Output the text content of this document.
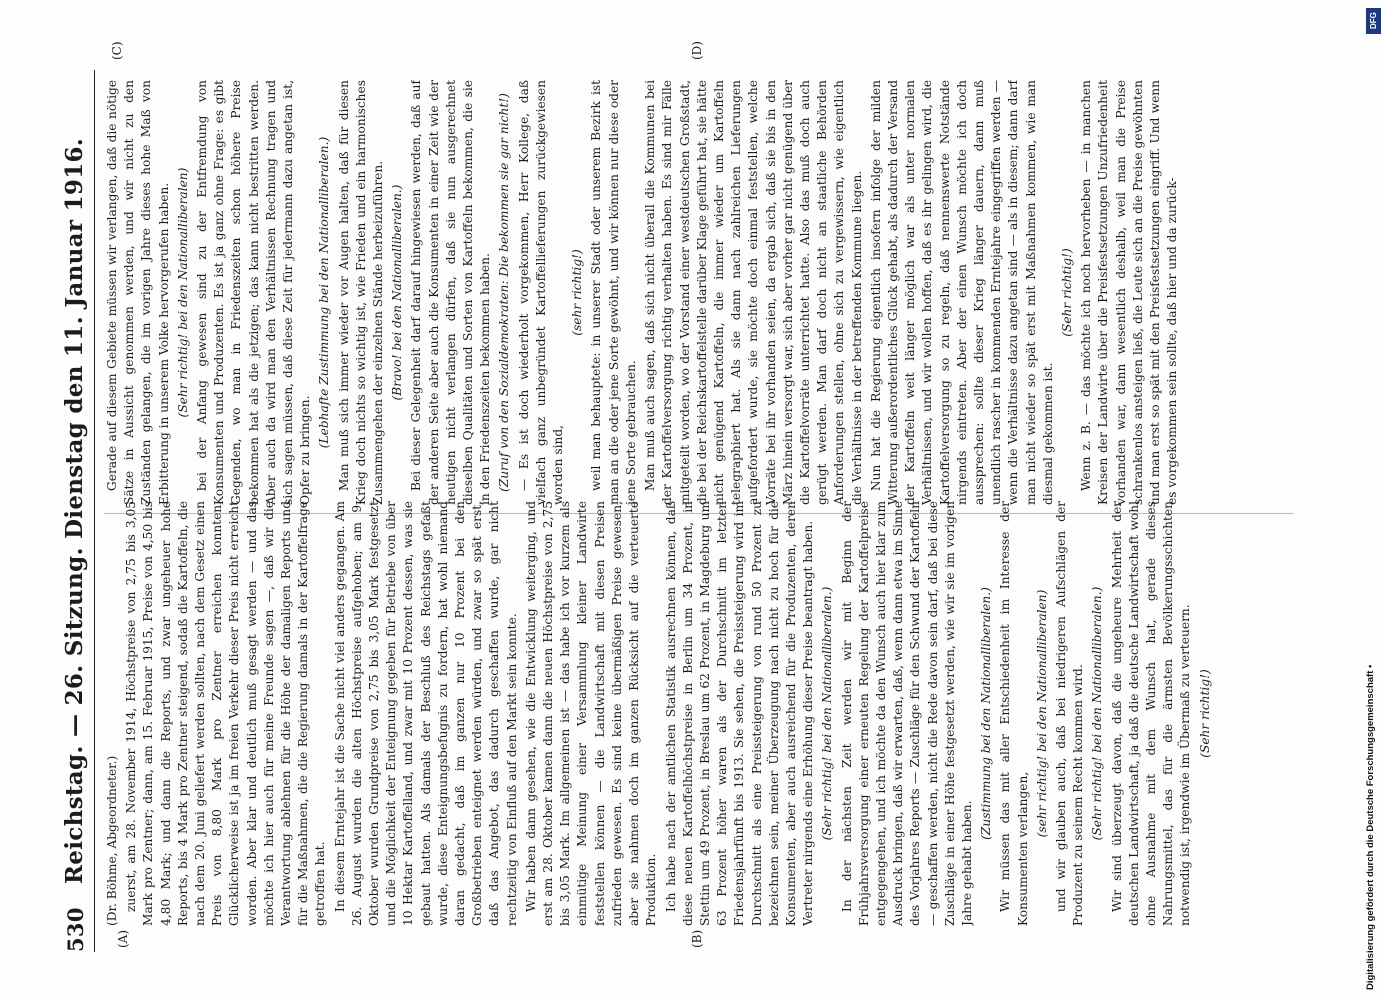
530
Reichstag. — 26. Sitzung. Dienstag den 11. Januar 1916.
(A)	(B)
(C)	(D)

(Dr. Böhme, Abgeordneter.) zuerst, am 28. November 1914, Höchstpreise von 2,75 bis 3,05 Mark pro Zentner; dann, am 15. Februar 1915, Preise von 4,50 bis 4,80 Mark; und dann die Reports, und zwar ungeheuer hohe Reports, bis 4 Mark pro Zentner steigend, sodaß die Kartoffeln, die nach dem 20. Juni geliefert werden sollten, nach dem Gesetz einen Preis von 8,80 Mark pro Zentner erreichen konnten. Glücklicherweise ist ja im freien Verkehr dieser Preis nicht erreicht worden. Aber klar und deutlich muß gesagt werden — und das möchte ich hier auch für meine Freunde sagen —, daß wir die Verantwortung ablehnen für die Höhe der damaligen Reports und für die Maßnahmen, die die Regierung damals in der Kartoffelfrage getroffen hat. In diesem Erntejahr ist die Sache nicht viel anders gegangen. Am 26. August wurden die alten Höchstpreise aufgehoben; am 9. Oktober wurden Grundpreise von 2,75 bis 3,05 Mark festgesetzt und die Möglichkeit der Enteignung gegeben für Betriebe von über 10 Hektar Kartoffelland, und zwar mit 10 Prozent dessen, was sie gebaut hatten. Als damals der Beschluß des Reichstags gefaßt wurde, diese Enteignungsbefugnis zu fordern, hat wohl niemand daran gedacht, daß im ganzen nur 10 Prozent bei den Großbetrieben enteignet werden würden, und zwar so spät erst, daß das Angebot, das dadurch geschaffen wurde, gar nicht rechtzeitig von Einfluß auf den Markt sein konnte. Wir haben dann gesehen, wie die Entwicklung weiterging, und erst am 28. Oktober kamen dann die neuen Höchstpreise von 2,75 bis 3,05 Mark. Im allgemeinen ist — das habe ich vor kurzem als einmütige Meinung einer Versammlung kleiner Landwirte feststellen können — die Landwirtschaft mit diesen Preisen zufrieden gewesen. Es sind keine übermäßigen Preise gewesen, aber sie nahmen doch im ganzen Rücksicht auf die verteuerte Produktion. Ich habe nach der amtlichen Statistik ausrechnen können, daß diese neuen Kartoffelhöchstpreise in Berlin um 34 Prozent, in Stettin um 49 Prozent, in Breslau um 62 Prozent, in Magdeburg um 63 Prozent höher waren als der Durchschnitt im letzten Friedensjahrfünft bis 1913. Sie sehen, die Preissteigerung wird im Durchschnitt als eine Preissteigerung von rund 50 Prozent zu bezeichnen sein, meiner Überzeugung nach nicht zu hoch für die Konsumenten, aber auch ausreichend für die Produzenten, deren Vertreter nirgends eine Erhöhung dieser Preise beantragt haben. (Sehr richtig! bei den Nationalliberalen.) In der nächsten Zeit werden wir mit Beginn der Frühjahrsversorgung einer erneuten Regelung der Kartoffelpreise entgegengehen, und ich möchte da den Wunsch auch hier klar zum Ausdruck bringen, daß wir erwarten, daß, wenn dann etwa im Sinne des Vorjahres Reports — Zuschläge für den Schwund der Kartoffeln — geschaffen werden, nicht die Rede davon sein darf, daß bei diese Zuschläge in einer Höhe festgesetzt werden, wie wir sie im vorigen Jahre gehabt haben.

(Zustimmung bei den Nationalliberalen.) Wir müssen das mit aller Entschiedenheit im Interesse der Konsumenten verlangen,

(sehr richtig! bei den Nationalliberalen) und wir glauben auch, daß bei niedrigeren Aufschlägen der Produzent zu seinem Recht kommen wird. (Sehr richtig! bei den Nationalliberalen.) Wir sind überzeugt davon, daß die ungeheure Mehrheit der deutschen Landwirtschaft, ja daß die deutsche Landwirtschaft wohl ohne Ausnahme mit dem Wunsch hat, gerade dieses Nahrungsmittel, das für die ärmsten Bevölkerungsschichten notwendig ist, irgendwie im Übermaß zu verteuern. (Sehr richtig!)

Gerade auf diesem Gebiete müssen wir verlangen, daß die nötige Sätze in Aussicht genommen werden, und wir nicht zu den Zuständen gelangen, die im vorigen Jahre dieses hohe Maß von Erbitterung in unserem Volke hervorgerufen haben. (Sehr richtig! bei den Nationalliberalen) bei der Anfang gewesen sind zu der Entfremdung von Konsumenten und Produzenten. Es ist ja ganz ohne Frage: es gibt Gegenden, wo man in Friedenszeiten schon höhere Preise bekommen hat als die jetzigen; das kann nicht bestritten werden. Aber auch da wird man den Verhältnissen Rechnung tragen und sich sagen müssen, daß diese Zeit für jedermann dazu angetan ist, Opfer zu bringen.

(Lebhafte Zustimmung bei den Nationalliberalen.) Man muß sich immer wieder vor Augen halten, daß für diesen Krieg doch nichts so wichtig ist, wie Frieden und ein harmonisches Zusammengehen der einzelnen Stände herbeizuführen. (Bravo! bei den Nationalliberalen.) Bei dieser Gelegenheit darf darauf hingewiesen werden, daß auf der anderen Seite aber auch die Konsumenten in einer Zeit wie der heutigen nicht verlangen dürfen, daß sie nun ausgerechnet dieselben Qualitäten und Sorten von Kartoffeln bekommen, die sie in den Friedenszeiten bekommen haben. (Zuruf von den Sozialdemokraten: Die bekommen sie gar nicht!) — Es ist doch wiederholt vorgekommen, Herr Kollege, daß vielfach ganz unbegründet Kartoffellieferungen zurückgewiesen worden sind,

(sehr richtig!) weil man behauptete: in unserer Stadt oder unserem Bezirk ist man an die oder jene Sorte gewöhnt, und wir können nur diese oder jene Sorte gebrauchen. Man muß auch sagen, daß sich nicht überall die Kommunen bei der Kartoffelversorgung richtig verhalten haben. Es sind mir Fälle mitgeteilt worden, wo der Vorstand einer westdeutschen Großstadt, die bei der Reichskartoffelstelle darüber Klage geführt hat, sie hätte nicht genügend Kartoffeln, die immer wieder um Kartoffeln telegraphiert hat. Als sie dann nach zahlreichen Lieferungen aufgefordert wurde, sie möchte doch einmal feststellen, welche Vorräte bei ihr vorhanden seien, da ergab sich, daß sie bis in den März hinein versorgt war, sich aber vorher gar nicht genügend über die Kartoffelvorräte unterrichtet hatte. Also das muß doch auch gerügt werden. Man darf doch nicht an staatliche Behörden Anforderungen stellen, ohne sich zu vergewissern, wie eigentlich die Verhältnisse in der betreffenden Kommune liegen. Nun hat die Regierung eigentlich insofern infolge der milden Witterung außerordentliches Glück gehabt, als dadurch der Versand der Kartoffeln weit länger möglich war als unter normalen Verhältnissen, und wir wollen hoffen, daß es ihr gelingen wird, die Kartoffelversorgung so zu regeln, daß nennenswerte Notstände nirgends eintreten. Aber der einen Wunsch möchte ich doch aussprechen: sollte dieser Krieg länger dauern, dann muß unendlich rascher in kommenden Erntejahre eingegriffen werden — wenn die Verhältnisse dazu angetan sind — als in diesem; dann darf man nicht wieder so spät erst mit Maßnahmen kommen, wie man diesmal gekommen ist.

(Sehr richtig!) Wenn z. B. — das möchte ich noch hervorheben — in manchen Kreisen der Landwirte über die Preisfestsetzungen Unzufriedenheit vorhanden war, dann wesentlich deshalb, weil man die Preise schrankenlos ansteigen ließ, die Leute sich an die Preise gewöhnten und man erst so spät mit den Preisfestsetzungen eingriff. Und wenn es vorgekommen sein sollte, daß hier und da zurück-

DFG
Digitalisierung gefördert durch die Deutsche Forschungsgemeinschaft •
